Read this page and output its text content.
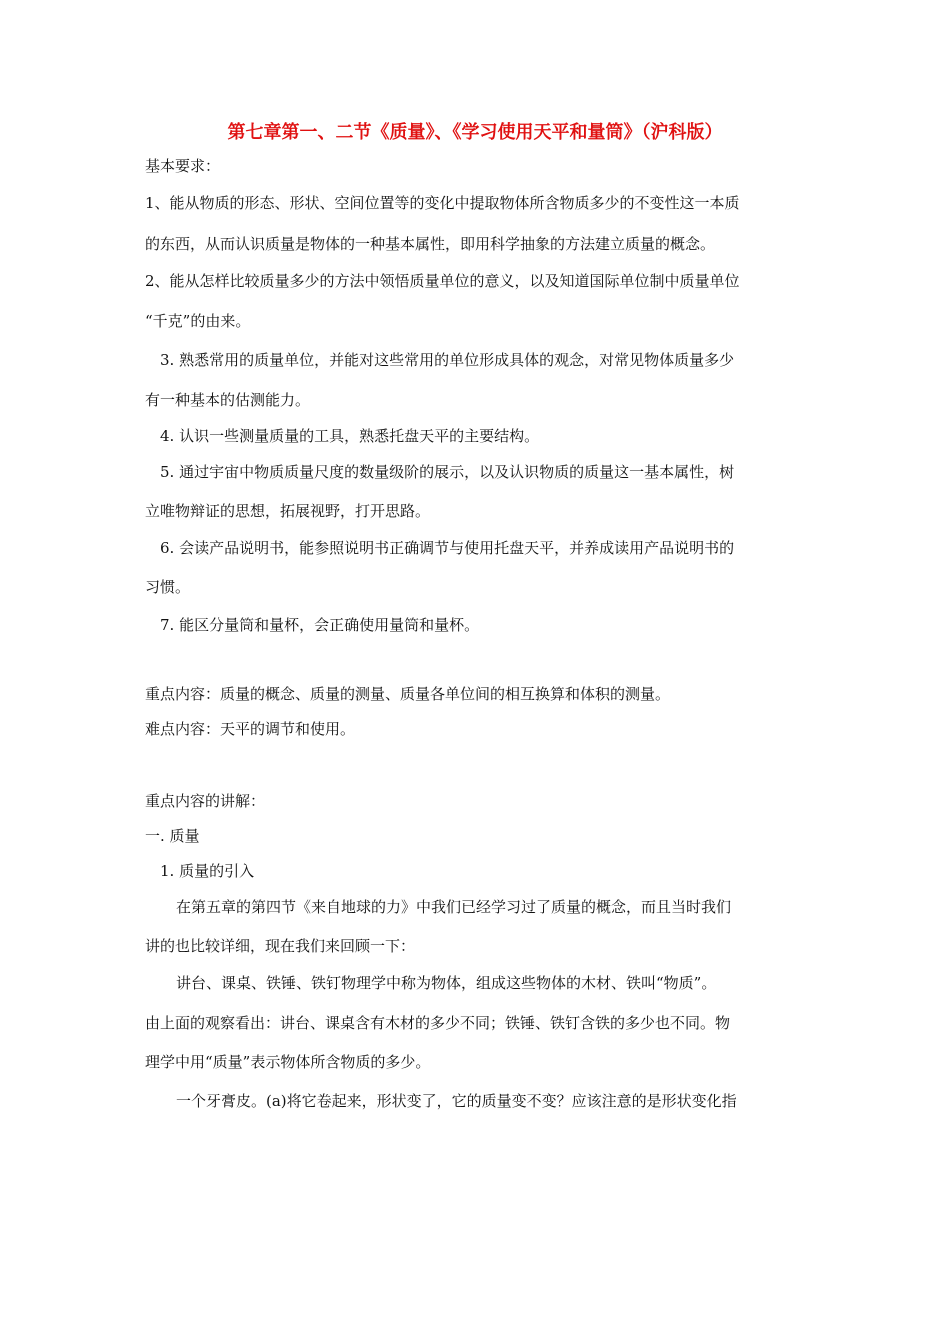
第七章第一、二节《质量》、《学习使用天平和量筒》（沪科版）
基本要求：
1、能从物质的形态、形状、空间位置等的变化中提取物体所含物质多少的不变性这一本质
的东西，从而认识质量是物体的一种基本属性，即用科学抽象的方法建立质量的概念。
2、能从怎样比较质量多少的方法中领悟质量单位的意义，以及知道国际单位制中质量单位
“千克”的由来。
3. 熟悉常用的质量单位，并能对这些常用的单位形成具体的观念，对常见物体质量多少
有一种基本的估测能力。
4. 认识一些测量质量的工具，熟悉托盘天平的主要结构。
5. 通过宇宙中物质质量尺度的数量级阶的展示，以及认识物质的质量这一基本属性，树
立唯物辩证的思想，拓展视野，打开思路。
6. 会读产品说明书，能参照说明书正确调节与使用托盘天平，并养成读用产品说明书的
习惯。
7. 能区分量筒和量杯，会正确使用量筒和量杯。
重点内容：质量的概念、质量的测量、质量各单位间的相互换算和体积的测量。
难点内容：天平的调节和使用。
重点内容的讲解：
一. 质量
1. 质量的引入
在第五章的第四节《来自地球的力》中我们已经学习过了质量的概念，而且当时我们
讲的也比较详细，现在我们来回顾一下：
讲台、课桌、铁锤、铁钉物理学中称为物体，组成这些物体的木材、铁叫“物质”。
由上面的观察看出：讲台、课桌含有木材的多少不同；铁锤、铁钉含铁的多少也不同。物
理学中用“质量”表示物体所含物质的多少。
一个牙膏皮。(a)将它卷起来，形状变了，它的质量变不变？应该注意的是形状变化指
